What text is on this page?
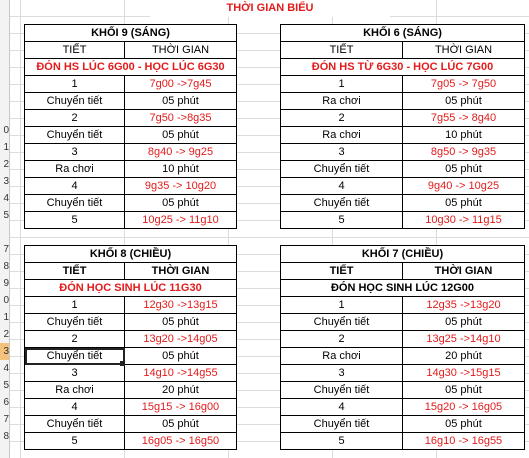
0
1
2
3
4
5
7
8
9
0
1
2
3
4
5
6
7
8
THỜI GIAN BIỂU
KHỐI 9 (SÁNG)	
TIẾT	THỜI GIAN
ĐÓN HS LÚC 6G00 - HỌC LÚC 6G30	
1	7g00 ->7g45
Chuyển tiết	05 phút
2	7g50 ->8g35
Chuyển tiết	05 phút
3	8g40 -> 9g25
Ra chơi	10 phút
4	9g35 -> 10g20
Chuyển tiết	05 phút
5	10g25 -> 11g10
KHỐI 6 (SÁNG)	
TIẾT	THỜI GIAN
ĐÓN HS TỪ 6G30 - HỌC LÚC 7G00	
1	7g05 -> 7g50
Ra chơi	05 phút
2	7g55 -> 8g40
Ra chơi	10 phút
3	8g50 -> 9g35
Chuyển tiết	05 phút
4	9g40 -> 10g25
Chuyển tiết	05 phút
5	10g30 -> 11g15
KHỐI 8 (CHIỀU)	
TIẾT	THỜI GIAN
ĐÓN HỌC SINH LÚC 11G30	
1	12g30 ->13g15
Chuyển tiết	05 phút
2	13g20 ->14g05
Chuyển tiết	05 phút
3	14g10 ->14g55
Ra chơi	20 phút
4	15g15 -> 16g00
Chuyển tiết	05 phút
5	16g05 -> 16g50
KHỐI 7 (CHIỀU)	
TIẾT	THỜI GIAN
ĐÓN HỌC SINH LÚC 12G00	
1	12g35 ->13g20
Chuyển tiết	05 phút
2	13g25 ->14g10
Ra chơi	20 phút
3	14g30 ->15g15
Chuyển tiết	05 phút
4	15g20 -> 16g05
Chuyển tiết	05 phút
5	16g10 -> 16g55
